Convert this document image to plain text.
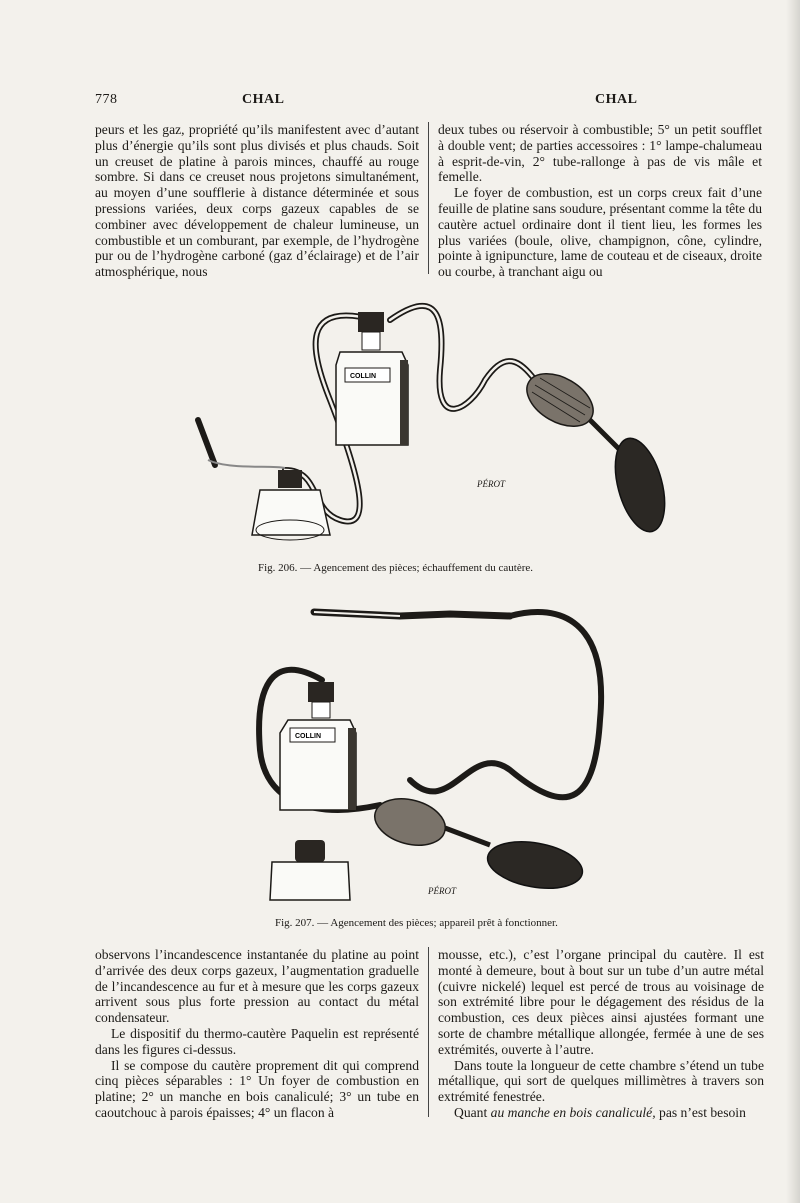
778	CHAL	CHAL

peurs et les gaz, propriété qu’ils manifestent avec d’autant plus d’énergie qu’ils sont plus divisés et plus chauds. Soit un creuset de platine à parois minces, chauffé au rouge sombre. Si dans ce creuset nous projetons simultanément, au moyen d’une soufflerie à distance déterminée et sous pressions variées, deux corps gazeux capables de se combiner avec développement de chaleur lumineuse, un combustible et un comburant, par exemple, de l’hydrogène pur ou de l’hydrogène carboné (gaz d’éclairage) et de l’air atmosphérique, nous

deux tubes ou réservoir à combustible; 5° un petit soufflet à double vent; de parties accessoires : 1° lampe-chalumeau à esprit-de-vin, 2° tube-rallonge à pas de vis mâle et femelle.

Le foyer de combustion, est un corps creux fait d’une feuille de platine sans soudure, présentant comme la tête du cautère actuel ordinaire dont il tient lieu, les formes les plus variées (boule, olive, champignon, cône, cylindre, pointe à ignipuncture, lame de couteau et de ciseaux, droite ou courbe, à tranchant aigu ou

COLLIN
PÉROT
Fig. 206. — Agencement des pièces; échauffement du cautère.
COLLIN
PÉROT
Fig. 207. — Agencement des pièces; appareil prêt à fonctionner.

observons l’incandescence instantanée du platine au point d’arrivée des deux corps gazeux, l’augmentation graduelle de l’incandescence au fur et à mesure que les corps gazeux arrivent sous plus forte pression au contact du métal condensateur.

Le dispositif du thermo-cautère Paquelin est représenté dans les figures ci-dessus.

Il se compose du cautère proprement dit qui comprend cinq pièces séparables : 1° Un foyer de combustion en platine; 2° un manche en bois canaliculé; 3° un tube en caoutchouc à parois épaisses; 4° un flacon à

mousse, etc.), c’est l’organe principal du cautère. Il est monté à demeure, bout à bout sur un tube d’un autre métal (cuivre nickelé) lequel est percé de trous au voisinage de son extrémité libre pour le dégagement des résidus de la combustion, ces deux pièces ainsi ajustées formant une sorte de chambre métallique allongée, fermée à une de ses extrémités, ouverte à l’autre.

Dans toute la longueur de cette chambre s’étend un tube métallique, qui sort de quelques millimètres à travers son extrémité fenestrée.

Quant au manche en bois canaliculé, pas n’est besoin
